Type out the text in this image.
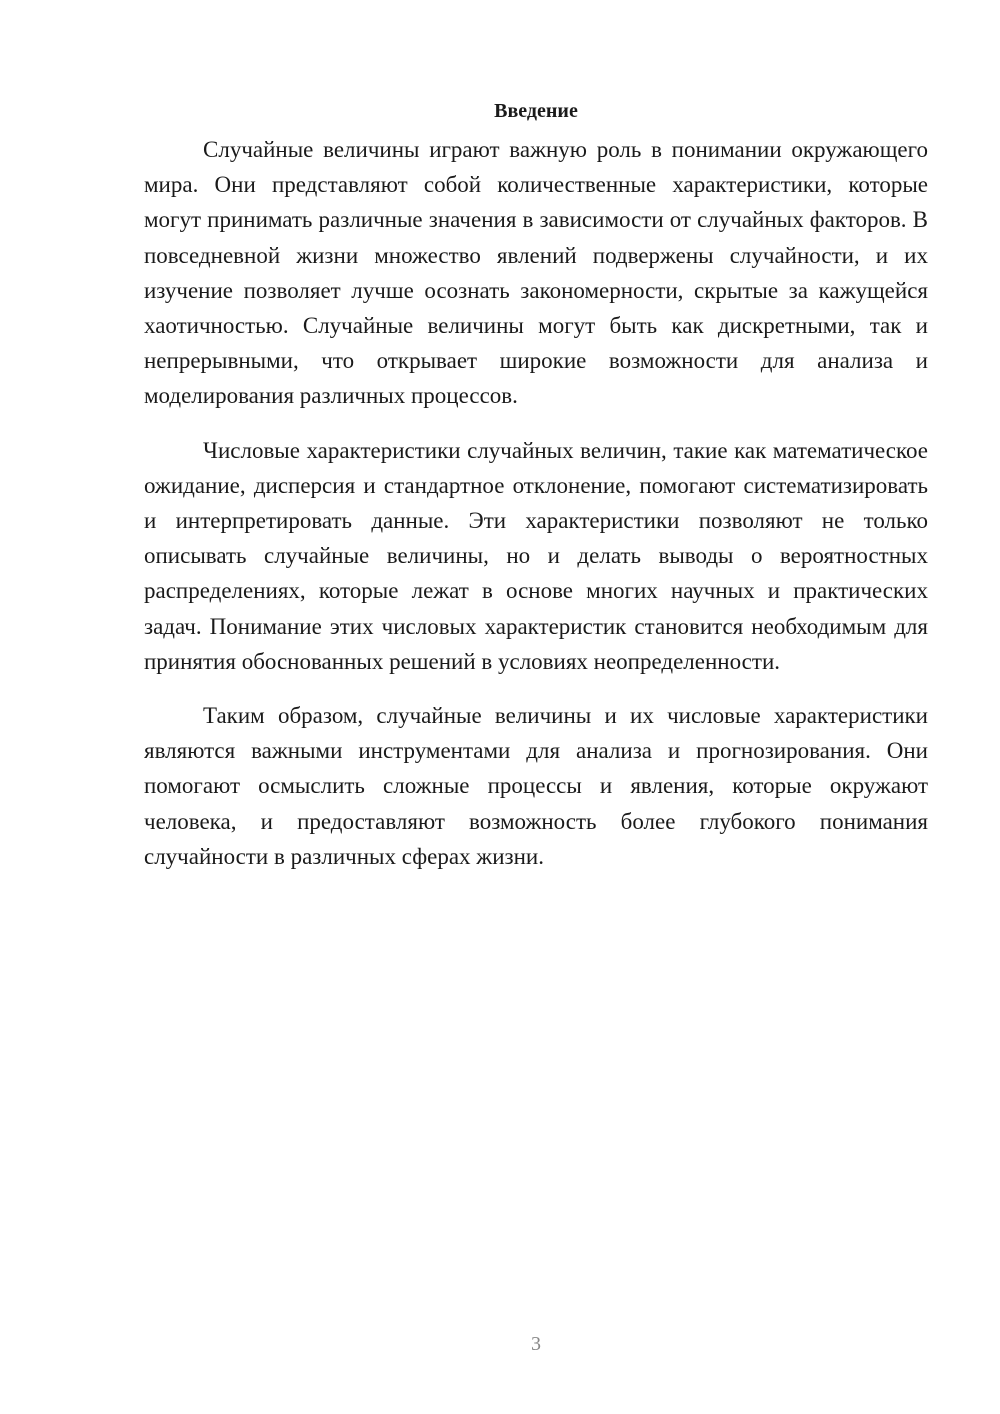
Введение

Случайные величины играют важную роль в понимании окружающего мира. Они представляют собой количественные характеристики, которые могут принимать различные значения в зависимости от случайных факторов. В повседневной жизни множество явлений подвержены случайности, и их изучение позволяет лучше осознать закономерности, скрытые за кажущейся хаотичностью. Случайные величины могут быть как дискретными, так и непрерывными, что открывает широкие возможности для анализа и моделирования различных процессов.

Числовые характеристики случайных величин, такие как математическое ожидание, дисперсия и стандартное отклонение, помогают систематизировать и интерпретировать данные. Эти характеристики позволяют не только описывать случайные величины, но и делать выводы о вероятностных распределениях, которые лежат в основе многих научных и практических задач. Понимание этих числовых характеристик становится необходимым для принятия обоснованных решений в условиях неопределенности.

Таким образом, случайные величины и их числовые характеристики являются важными инструментами для анализа и прогнозирования. Они помогают осмыслить сложные процессы и явления, которые окружают человека, и предоставляют возможность более глубокого понимания случайности в различных сферах жизни.

3
